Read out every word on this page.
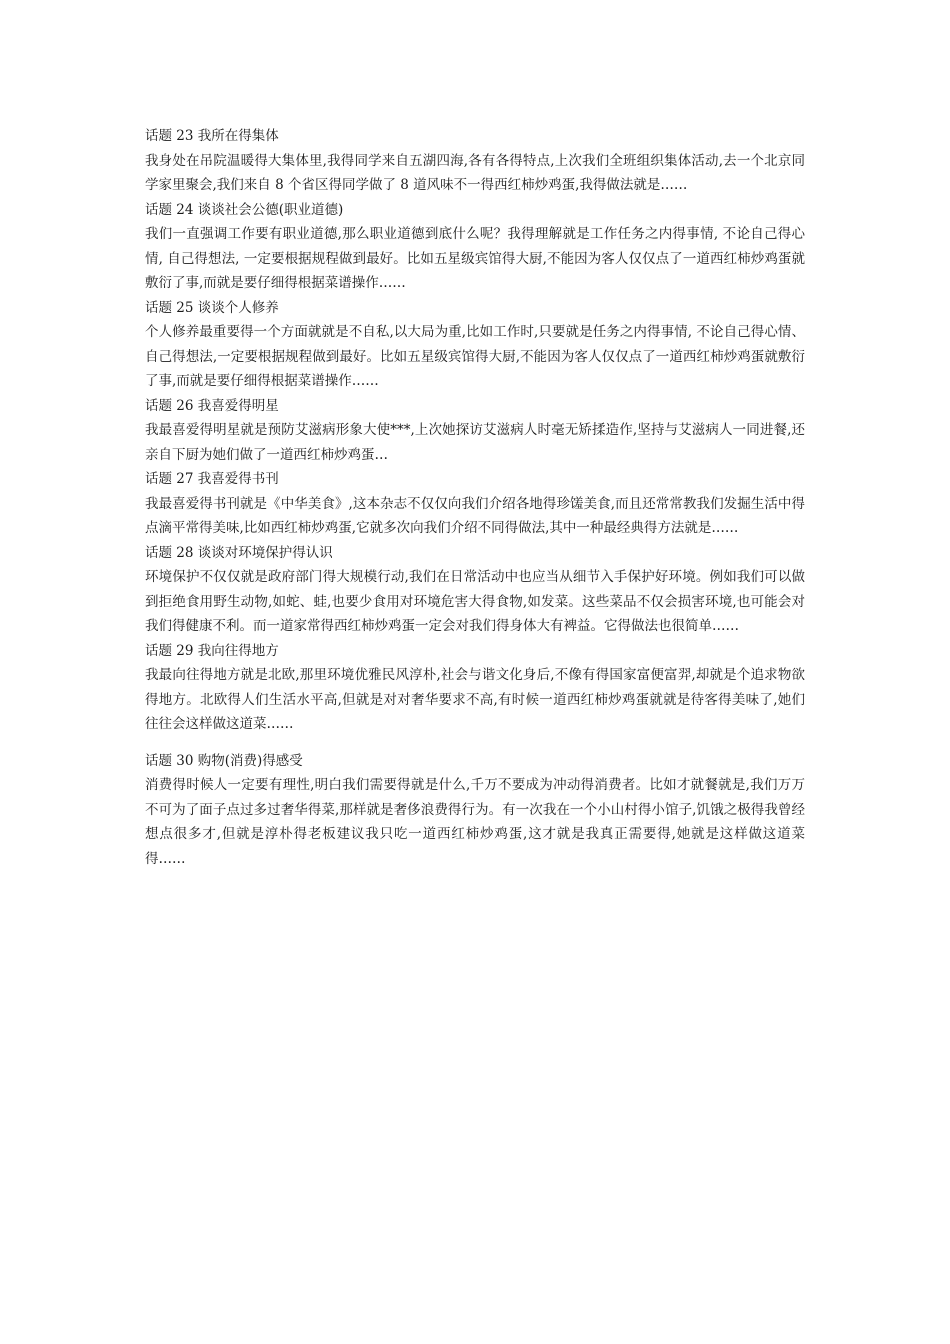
话题 23 我所在得集体

我身处在吊院温暖得大集体里,我得同学来自五湖四海,各有各得特点,上次我们全班组织集体活动,去一个北京同学家里聚会,我们来自 8 个省区得同学做了 8 道风味不一得西红柿炒鸡蛋,我得做法就是……

话题 24 谈谈社会公德(职业道德)

我们一直强调工作要有职业道德,那么职业道德到底什么呢？我得理解就是工作任务之内得事情, 不论自己得心情, 自己得想法, 一定要根据规程做到最好。比如五星级宾馆得大厨,不能因为客人仅仅点了一道西红柿炒鸡蛋就敷衍了事,而就是要仔细得根据菜谱操作……

话题 25 谈谈个人修养

个人修养最重要得一个方面就就是不自私,以大局为重,比如工作时,只要就是任务之内得事情, 不论自己得心情、自己得想法,一定要根据规程做到最好。比如五星级宾馆得大厨,不能因为客人仅仅点了一道西红柿炒鸡蛋就敷衍了事,而就是要仔细得根据菜谱操作……

话题 26 我喜爱得明星

我最喜爱得明星就是预防艾滋病形象大使***,上次她探访艾滋病人时毫无矫揉造作,坚持与艾滋病人一同进餐,还亲自下厨为她们做了一道西红柿炒鸡蛋…

话题 27 我喜爱得书刊

我最喜爱得书刊就是《中华美食》,这本杂志不仅仅向我们介绍各地得珍馐美食,而且还常常教我们发掘生活中得点滴平常得美味,比如西红柿炒鸡蛋,它就多次向我们介绍不同得做法,其中一种最经典得方法就是……

话题 28 谈谈对环境保护得认识

环境保护不仅仅就是政府部门得大规模行动,我们在日常活动中也应当从细节入手保护好环境。例如我们可以做到拒绝食用野生动物,如蛇、蛙,也要少食用对环境危害大得食物,如发菜。这些菜品不仅会损害环境,也可能会对我们得健康不利。而一道家常得西红柿炒鸡蛋一定会对我们得身体大有裨益。它得做法也很简单……

话题 29 我向往得地方

我最向往得地方就是北欧,那里环境优雅民风淳朴,社会与谐文化身后,不像有得国家富便富羿,却就是个追求物欲得地方。北欧得人们生活水平高,但就是对对奢华要求不高,有时候一道西红柿炒鸡蛋就就是待客得美味了,她们往往会这样做这道菜……

话题 30 购物(消费)得感受

消费得时候人一定要有理性,明白我们需要得就是什么,千万不要成为冲动得消费者。比如才就餐就是,我们万万不可为了面子点过多过奢华得菜,那样就是奢侈浪费得行为。有一次我在一个小山村得小馆子,饥饿之极得我曾经想点很多才,但就是淳朴得老板建议我只吃一道西红柿炒鸡蛋,这才就是我真正需要得,她就是这样做这道菜得……
